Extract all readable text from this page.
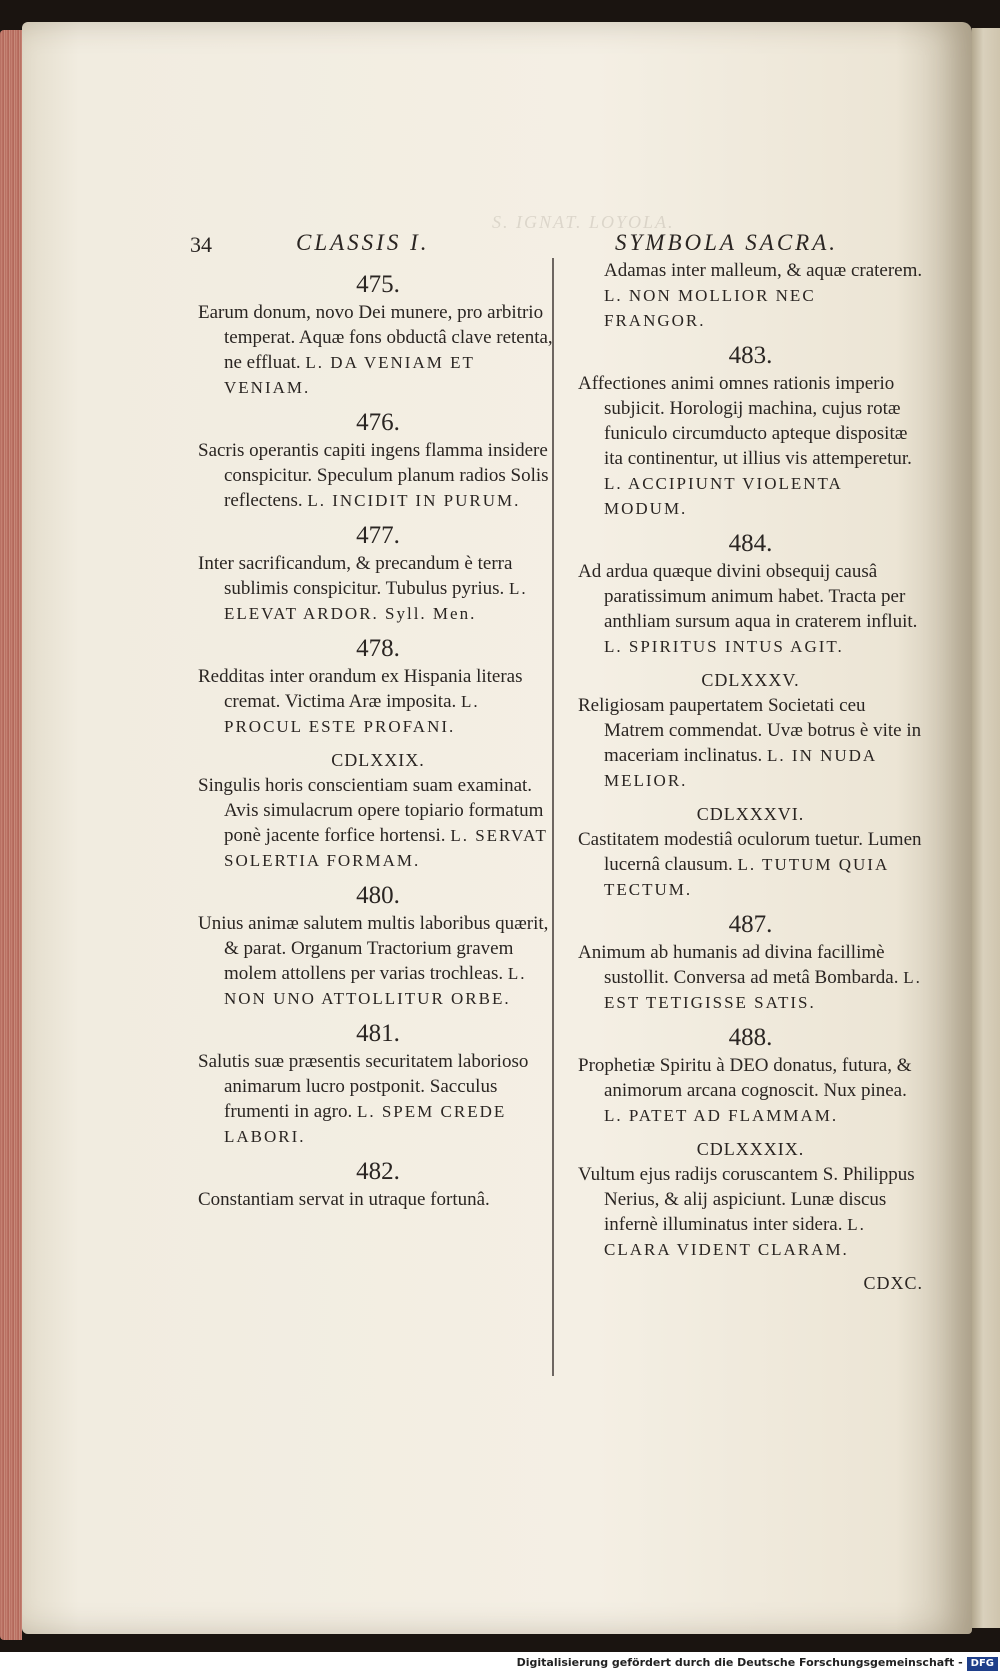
S. IGNAT. LOYOLA.
34	CLASSIS I.	SYMBOLA SACRA.

475.

Earum donum, novo Dei munere, pro arbitrio temperat. Aquæ fons obductâ clave retenta, ne effluat. L. DA VENIAM ET VENIAM.

476.

Sacris operantis capiti ingens flamma insidere conspicitur. Speculum planum radios Solis reflectens. L. INCIDIT IN PURUM.

477.

Inter sacrificandum, & precandum è terra sublimis conspicitur. Tubulus pyrius. L. ELEVAT ARDOR. Syll. Men.

478.

Redditas inter orandum ex Hispania literas cremat. Victima Aræ imposita. L. PROCUL ESTE PROFANI.

CDLXXIX.

Singulis horis conscientiam suam examinat. Avis simulacrum opere topiario formatum ponè jacente forfice hortensi. L. SERVAT SOLERTIA FORMAM.

480.

Unius animæ salutem multis laboribus quærit, & parat. Organum Tractorium gravem molem attollens per varias trochleas. L. NON UNO ATTOLLITUR ORBE.

481.

Salutis suæ præsentis securitatem laborioso animarum lucro postponit. Sacculus frumenti in agro. L. SPEM CREDE LABORI.

482.

Constantiam servat in utraque fortunâ.

Adamas inter malleum, & aquæ craterem. L. NON MOLLIOR NEC FRANGOR.

483.

Affectiones animi omnes rationis imperio subjicit. Horologij machina, cujus rotæ funiculo circumducto apteque dispositæ ita continentur, ut illius vis attemperetur. L. ACCIPIUNT VIOLENTA MODUM.

484.

Ad ardua quæque divini obsequij causâ paratissimum animum habet. Tracta per anthliam sursum aqua in craterem influit. L. SPIRITUS INTUS AGIT.

CDLXXXV.

Religiosam paupertatem Societati ceu Matrem commendat. Uvæ botrus è vite in maceriam inclinatus. L. IN NUDA MELIOR.

CDLXXXVI.

Castitatem modestiâ oculorum tuetur. Lumen lucernâ clausum. L. TUTUM QUIA TECTUM.

487.

Animum ab humanis ad divina facillimè sustollit. Conversa ad metâ Bombarda. L. EST TETIGISSE SATIS.

488.

Prophetiæ Spiritu à DEO donatus, futura, & animorum arcana cognoscit. Nux pinea. L. PATET AD FLAMMAM.

CDLXXXIX.

Vultum ejus radijs coruscantem S. Philippus Nerius, & alij aspiciunt. Lunæ discus infernè illuminatus inter sidera. L. CLARA VIDENT CLARAM.

CDXC.

Digitalisierung gefördert durch die Deutsche Forschungsgemeinschaft - DFG
